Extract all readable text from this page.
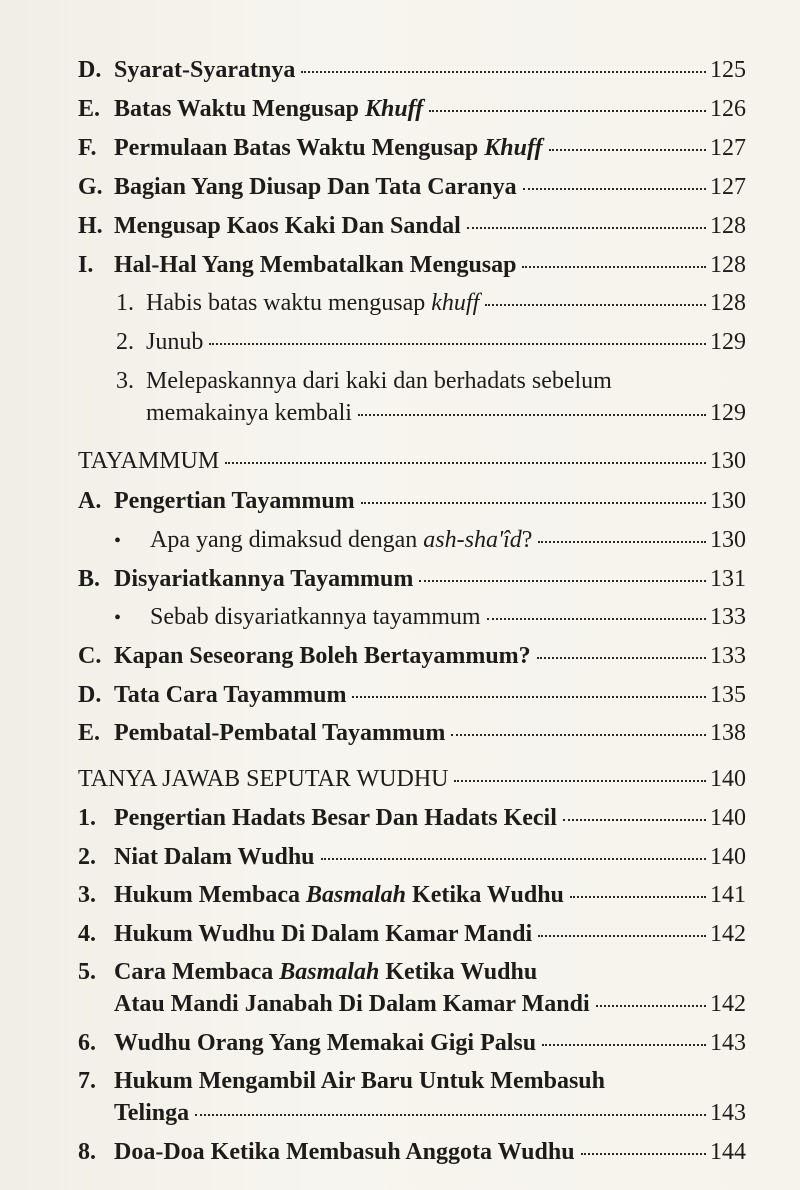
D. Syarat-Syaratnya	125
E. Batas Waktu Mengusap Khuff	126
F. Permulaan Batas Waktu Mengusap Khuff	127
G. Bagian Yang Diusap Dan Tata Caranya	127
H. Mengusap Kaos Kaki Dan Sandal	128
I. Hal-Hal Yang Membatalkan Mengusap	128
1. Habis batas waktu mengusap khuff	128
2. Junub	129
3. Melepaskannya dari kaki dan berhadats sebelum
memakainya kembali	129
TAYAMMUM	130
A. Pengertian Tayammum	130
•	Apa yang dimaksud dengan ash-sha'îd?	130
B. Disyariatkannya Tayammum	131
•	Sebab disyariatkannya tayammum	133
C. Kapan Seseorang Boleh Bertayammum?	133
D. Tata Cara Tayammum	135
E. Pembatal-Pembatal Tayammum	138
TANYA JAWAB SEPUTAR WUDHU	140
1. Pengertian Hadats Besar Dan Hadats Kecil	140
2. Niat Dalam Wudhu	140
3. Hukum Membaca Basmalah Ketika Wudhu	141
4. Hukum Wudhu Di Dalam Kamar Mandi	142
5. Cara Membaca Basmalah Ketika Wudhu
Atau Mandi Janabah Di Dalam Kamar Mandi	142
6. Wudhu Orang Yang Memakai Gigi Palsu	143
7. Hukum Mengambil Air Baru Untuk Membasuh
Telinga	143
8. Doa-Doa Ketika Membasuh Anggota Wudhu	144
